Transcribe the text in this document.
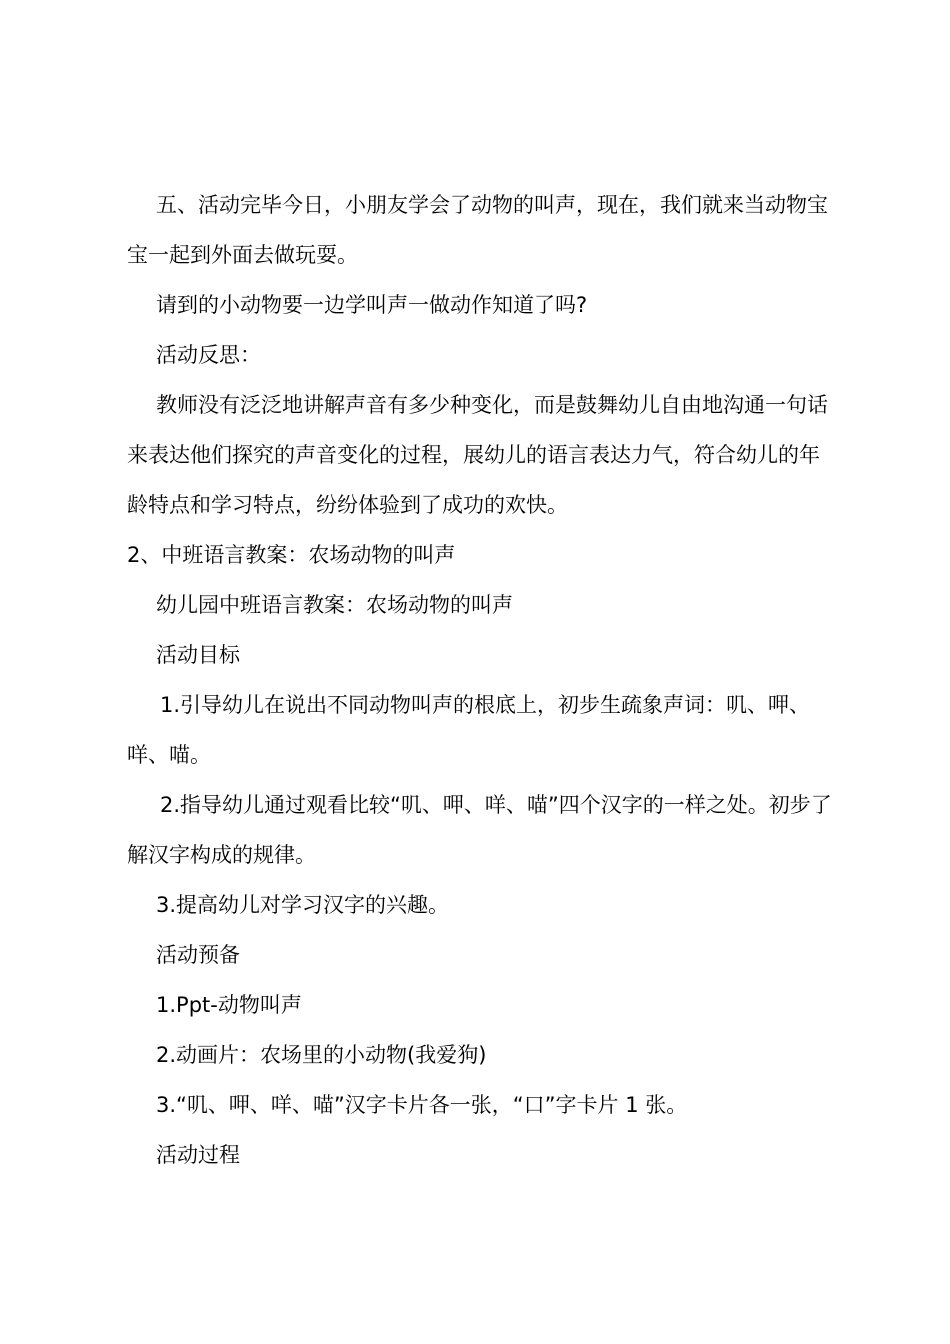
五、活动完毕今日，小朋友学会了动物的叫声，现在，我们就来当动物宝宝一起到外面去做玩耍。

请到的小动物要一边学叫声一做动作知道了吗?

活动反思：

教师没有泛泛地讲解声音有多少种变化，而是鼓舞幼儿自由地沟通一句话来表达他们探究的声音变化的过程，展幼儿的语言表达力气，符合幼儿的年龄特点和学习特点，纷纷体验到了成功的欢快。

2、中班语言教案：农场动物的叫声

幼儿园中班语言教案：农场动物的叫声

活动目标

1.引导幼儿在说出不同动物叫声的根底上，初步生疏象声词：叽、呷、咩、喵。

2.指导幼儿通过观看比较“叽、呷、咩、喵”四个汉字的一样之处。初步了解汉字构成的规律。

3.提高幼儿对学习汉字的兴趣。

活动预备

1.Ppt-动物叫声

2.动画片：农场里的小动物(我爱狗)

3.“叽、呷、咩、喵”汉字卡片各一张，“口”字卡片 1 张。

活动过程
